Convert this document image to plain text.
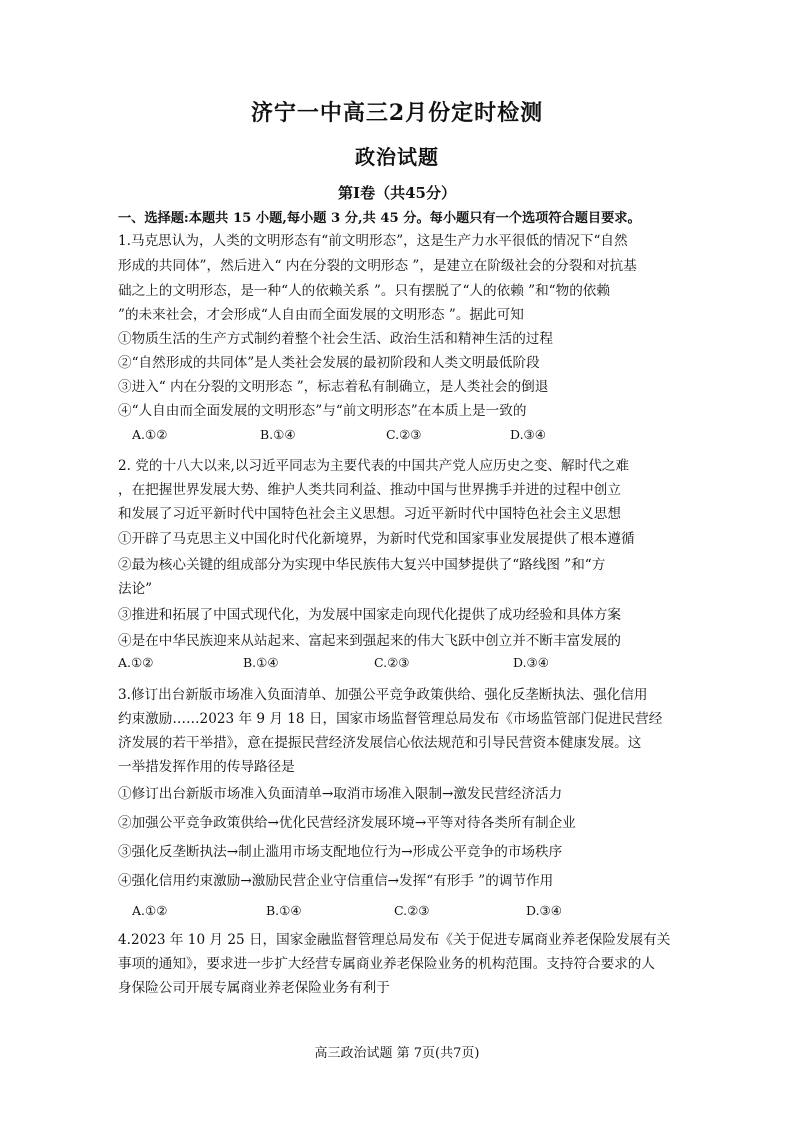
济宁一中高三2月份定时检测
政治试题
第Ⅰ卷（共45分）
一、选择题:本题共 15 小题,每小题 3 分,共 45 分。每小题只有一个选项符合题目要求。
1.马克思认为，人类的文明形态有“前文明形态”，这是生产力水平很低的情况下“自然
形成的共同体”，然后进入“ 内在分裂的文明形态 ”，是建立在阶级社会的分裂和对抗基
础之上的文明形态，是一种“人的依赖关系 ”。只有摆脱了“人的依赖 ”和“物的依赖
”的未来社会，才会形成“人自由而全面发展的文明形态 ”。据此可知
①物质生活的生产方式制约着整个社会生活、政治生活和精神生活的过程
②“自然形成的共同体”是人类社会发展的最初阶段和人类文明最低阶段
③进入“ 内在分裂的文明形态 ”，标志着私有制确立，是人类社会的倒退
④“人自由而全面发展的文明形态”与“前文明形态”在本质上是一致的
A.①②	B.①④	C.②③	D.③④
2. 党的十八大以来,以习近平同志为主要代表的中国共产党人应历史之变、解时代之难
，在把握世界发展大势、维护人类共同利益、推动中国与世界携手并进的过程中创立
和发展了习近平新时代中国特色社会主义思想。习近平新时代中国特色社会主义思想
①开辟了马克思主义中国化时代化新境界，为新时代党和国家事业发展提供了根本遵循
②最为核心关键的组成部分为实现中华民族伟大复兴中国梦提供了“路线图 ”和“方
法论”
③推进和拓展了中国式现代化，为发展中国家走向现代化提供了成功经验和具体方案
④是在中华民族迎来从站起来、富起来到强起来的伟大飞跃中创立并不断丰富发展的
A.①②	B.①④	C.②③	D.③④
3.修订出台新版市场准入负面清单、加强公平竞争政策供给、强化反垄断执法、强化信用
约束激励……2023 年 9 月 18 日，国家市场监督管理总局发布《市场监管部门促进民营经
济发展的若干举措》，意在提振民营经济发展信心依法规范和引导民营资本健康发展。这
一举措发挥作用的传导路径是
①修订出台新版市场准入负面清单→取消市场准入限制→激发民营经济活力
②加强公平竞争政策供给→优化民营经济发展环境→平等对待各类所有制企业
③强化反垄断执法→制止滥用市场支配地位行为→形成公平竞争的市场秩序
④强化信用约束激励→激励民营企业守信重信→发挥“有形手 ”的调节作用
A.①②	B.①④	C.②③	D.③④
4.2023 年 10 月 25 日，国家金融监督管理总局发布《关于促进专属商业养老保险发展有关
事项的通知》，要求进一步扩大经营专属商业养老保险业务的机构范围。支持符合要求的人
身保险公司开展专属商业养老保险业务有利于
高三政治试题 第 7页(共7页)
